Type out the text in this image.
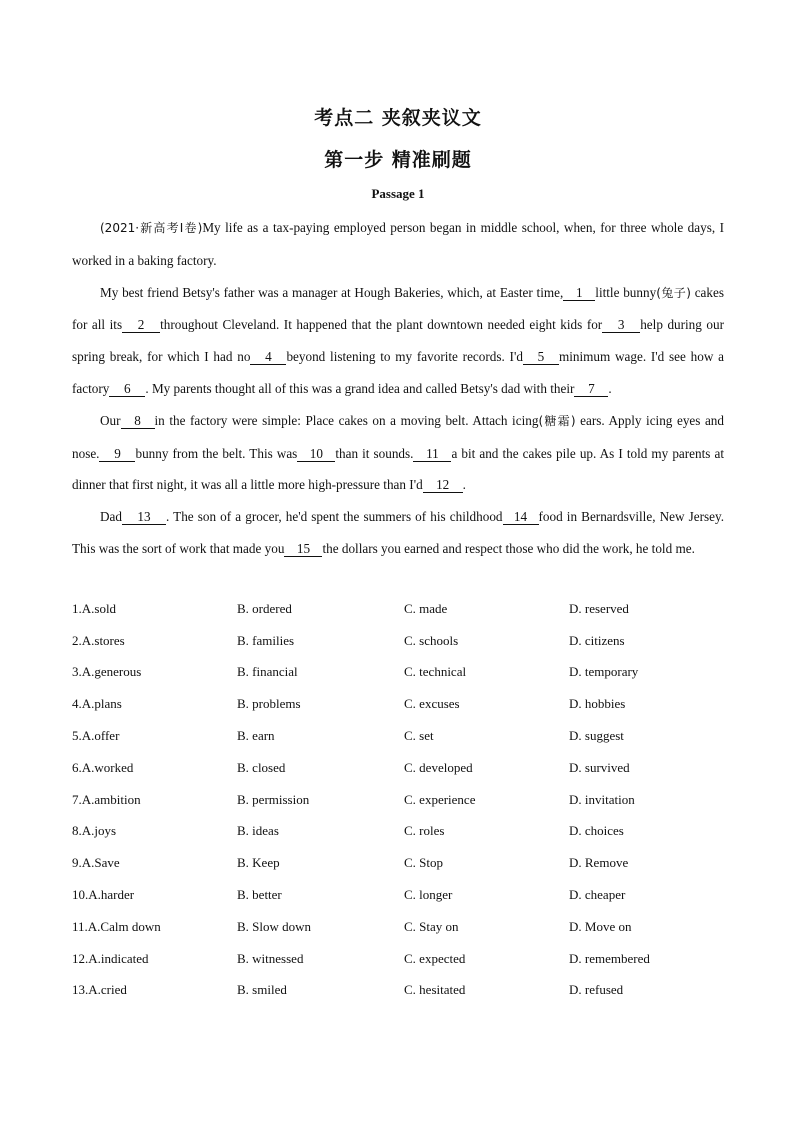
考点二 夹叙夹议文
第一步 精准刷题
Passage 1

(2021·新高考Ⅰ卷)My life as a tax-paying employed person began in middle school, when, for three whole days, I worked in a baking factory.

My best friend Betsy's father was a manager at Hough Bakeries, which, at Easter time, 1 little bunny(兔子) cakes for all its 2 throughout Cleveland. It happened that the plant downtown needed eight kids for 3 help during our spring break, for which I had no 4 beyond listening to my favorite records. I'd 5 minimum wage. I'd see how a factory 6 . My parents thought all of this was a grand idea and called Betsy's dad with their 7 .

Our 8 in the factory were simple: Place cakes on a moving belt. Attach icing(糖霜) ears. Apply icing eyes and nose. 9 bunny from the belt. This was 10 than it sounds. 11 a bit and the cakes pile up. As I told my parents at dinner that first night, it was all a little more high-pressure than I'd 12 .

Dad 13 . The son of a grocer, he'd spent the summers of his childhood 14 food in Bernardsville, New Jersey. This was the sort of work that made you 15 the dollars you earned and respect those who did the work, he told me.

1.A.sold	B. ordered	C. made	D. reserved
2.A.stores	B. families	C. schools	D. citizens
3.A.generous	B. financial	C. technical	D. temporary
4.A.plans	B. problems	C. excuses	D. hobbies
5.A.offer	B. earn	C. set	D. suggest
6.A.worked	B. closed	C. developed	D. survived
7.A.ambition	B. permission	C. experience	D. invitation
8.A.joys	B. ideas	C. roles	D. choices
9.A.Save	B. Keep	C. Stop	D. Remove
10.A.harder	B. better	C. longer	D. cheaper
11.A.Calm down	B. Slow down	C. Stay on	D. Move on
12.A.indicated	B. witnessed	C. expected	D. remembered
13.A.cried	B. smiled	C. hesitated	D. refused
